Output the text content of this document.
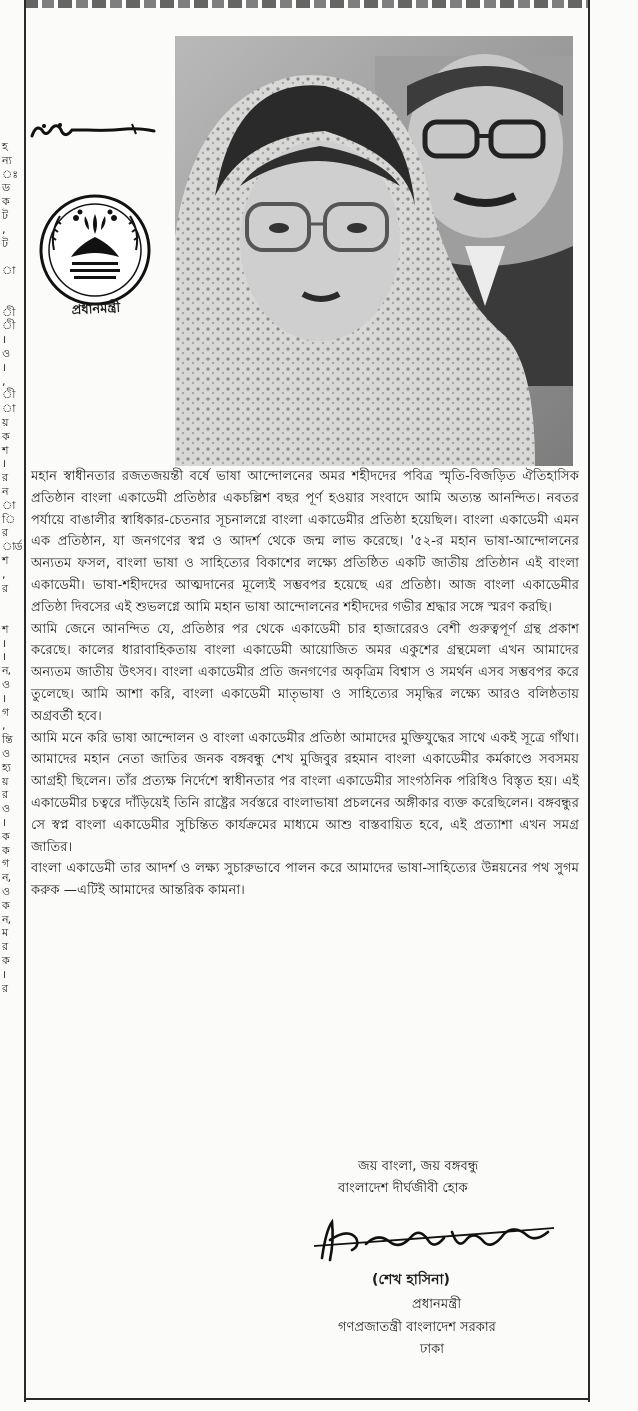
হ
ন্য
ঃ
ড
ক
ট
,
ট

া

ী
ী
।
ও
।
,
ী
া
য়
ক
শ
।
র
ন
া
ি
র
ার্ড
শ
,
র

শ
।
।
ন,
ও
।
গ
,
ন্তি
ও
হ্য
য়
র
ও
।
ক
ক
গ
ন,
ও
ক
ন,
ম
র
ক
।
র
প্রধানমন্ত্রী

মহান স্বাধীনতার রজতজয়ন্তী বর্ষে ভাষা আন্দোলনের অমর শহীদদের পবিত্র স্মৃতি-বিজড়িত ঐতিহাসিক প্রতিষ্ঠান বাংলা একাডেমী প্রতিষ্ঠার একচল্লিশ বছর পূর্ণ হওয়ার সংবাদে আমি অত্যন্ত আনন্দিত। নবতর পর্যায়ে বাঙালীর স্বাধিকার-চেতনার সূচনালগ্নে বাংলা একাডেমীর প্রতিষ্ঠা হয়েছিল। বাংলা একাডেমী এমন এক প্রতিষ্ঠান, যা জনগণের স্বপ্ন ও আদর্শ থেকে জন্ম লাভ করেছে। '৫২-র মহান ভাষা-আন্দোলনের অন্যতম ফসল, বাংলা ভাষা ও সাহিত্যের বিকাশের লক্ষ্যে প্রতিষ্ঠিত একটি জাতীয় প্রতিষ্ঠান এই বাংলা একাডেমী। ভাষা-শহীদদের আত্মদানের মূল্যেই সম্ভবপর হয়েছে এর প্রতিষ্ঠা। আজ বাংলা একাডেমীর প্রতিষ্ঠা দিবসের এই শুভলগ্নে আমি মহান ভাষা আন্দোলনের শহীদদের গভীর শ্রদ্ধার সঙ্গে স্মরণ করছি।

আমি জেনে আনন্দিত যে, প্রতিষ্ঠার পর থেকে একাডেমী চার হাজারেরও বেশী গুরুত্বপূর্ণ গ্রন্থ প্রকাশ করেছে। কালের ধারাবাহিকতায় বাংলা একাডেমী আয়োজিত অমর একুশের গ্রন্থমেলা এখন আমাদের অন্যতম জাতীয় উৎসব। বাংলা একাডেমীর প্রতি জনগণের অকৃত্রিম বিশ্বাস ও সমর্থন এসব সম্ভবপর করে তুলেছে। আমি আশা করি, বাংলা একাডেমী মাতৃভাষা ও সাহিত্যের সমৃদ্ধির লক্ষ্যে আরও বলিষ্ঠতায় অগ্রবর্তী হবে।

আমি মনে করি ভাষা আন্দোলন ও বাংলা একাডেমীর প্রতিষ্ঠা আমাদের মুক্তিযুদ্ধের সাথে একই সূত্রে গাঁথা। আমাদের মহান নেতা জাতির জনক বঙ্গবন্ধু শেখ মুজিবুর রহমান বাংলা একাডেমীর কর্মকাণ্ডে সবসময় আগ্রহী ছিলেন। তাঁর প্রত্যক্ষ নির্দেশে স্বাধীনতার পর বাংলা একাডেমীর সাংগঠনিক পরিধিও বিস্তৃত হয়। এই একাডেমীর চত্বরে দাঁড়িয়েই তিনি রাষ্ট্রের সর্বস্তরে বাংলাভাষা প্রচলনের অঙ্গীকার ব্যক্ত করেছিলেন। বঙ্গবন্ধুর সে স্বপ্ন বাংলা একাডেমীর সুচিন্তিত কার্যক্রমের মাধ্যমে আশু বাস্তবায়িত হবে, এই প্রত্যাশা এখন সমগ্র জাতির।

বাংলা একাডেমী তার আদর্শ ও লক্ষ্য সুচারুভাবে পালন করে আমাদের ভাষা-সাহিত্যের উন্নয়নের পথ সুগম করুক —এটিই আমাদের আন্তরিক কামনা।

জয় বাংলা, জয় বঙ্গবন্ধু
বাংলাদেশ দীর্ঘজীবী হোক
(শেখ হাসিনা)
প্রধানমন্ত্রী
গণপ্রজাতন্ত্রী বাংলাদেশ সরকার
ঢাকা
